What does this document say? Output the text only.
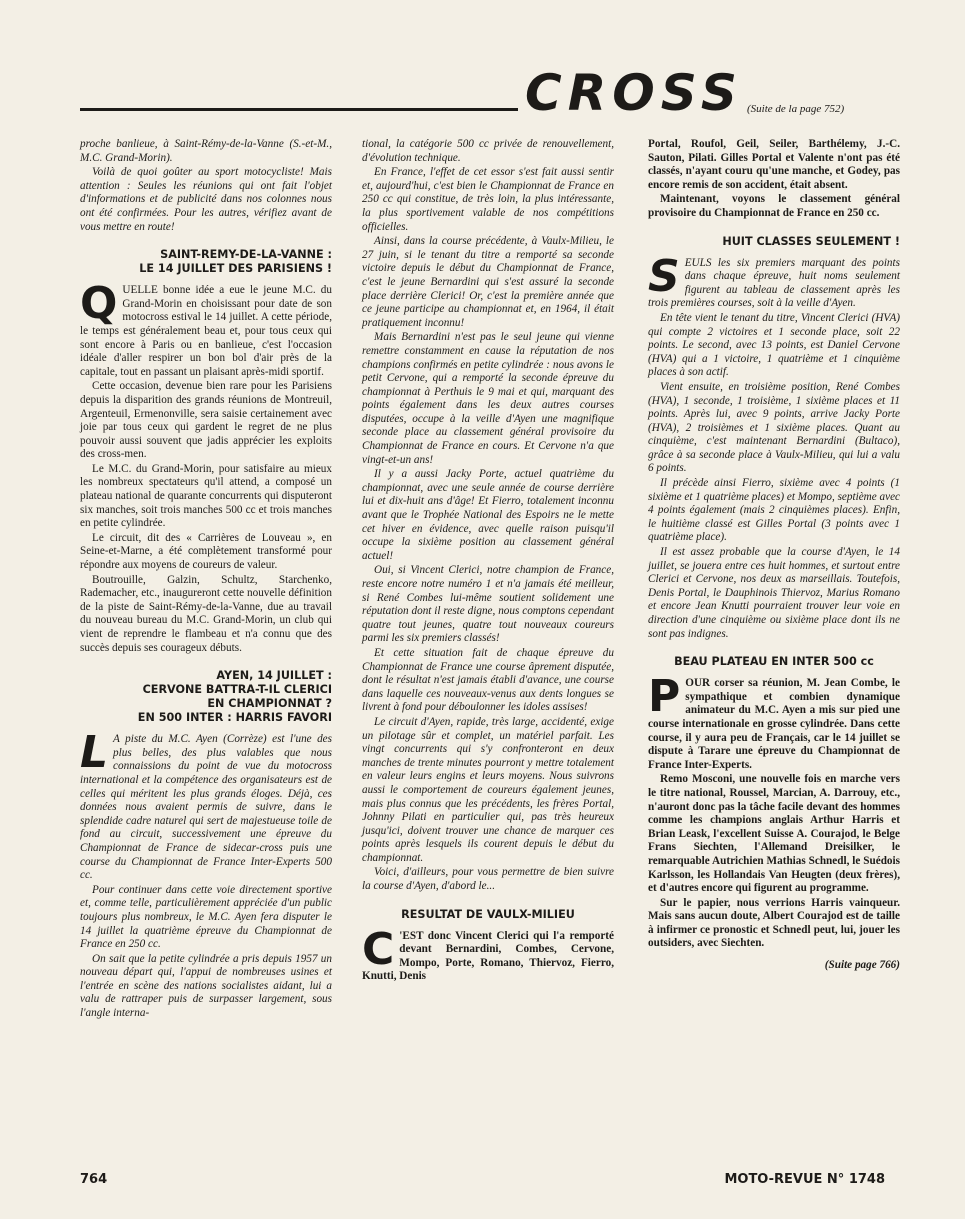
CROSS (Suite de la page 752)

proche banlieue, à Saint-Rémy-de-la-Vanne (S.-et-M., M.C. Grand-Morin).

Voilà de quoi goûter au sport motocycliste! Mais attention : Seules les réunions qui ont fait l'objet d'informations et de publicité dans nos colonnes nous ont été confirmées. Pour les autres, vérifiez avant de vous mettre en route!

SAINT-REMY-DE-LA-VANNE :
LE 14 JUILLET DES PARISIENS !

QUELLE bonne idée a eue le jeune M.C. du Grand-Morin en choisissant pour date de son motocross estival le 14 juillet. A cette période, le temps est généralement beau et, pour tous ceux qui sont encore à Paris ou en banlieue, c'est l'occasion idéale d'aller respirer un bon bol d'air près de la capitale, tout en passant un plaisant après-midi sportif.

Cette occasion, devenue bien rare pour les Parisiens depuis la disparition des grands réunions de Montreuil, Argenteuil, Ermenonville, sera saisie certainement avec joie par tous ceux qui gardent le regret de ne plus pouvoir aussi souvent que jadis apprécier les exploits des cross-men.

Le M.C. du Grand-Morin, pour satisfaire au mieux les nombreux spectateurs qu'il attend, a composé un plateau national de quarante concurrents qui disputeront six manches, soit trois manches 500 cc et trois manches en petite cylindrée.

Le circuit, dit des « Carrières de Louveau », en Seine-et-Marne, a été complètement transformé pour répondre aux moyens de coureurs de valeur.

Boutrouille, Galzin, Schultz, Starchenko, Rademacher, etc., inaugureront cette nouvelle définition de la piste de Saint-Rémy-de-la-Vanne, due au travail du nouveau bureau du M.C. Grand-Morin, un club qui vient de reprendre le flambeau et n'a connu que des succès depuis ses courageux débuts.

AYEN, 14 JUILLET :
CERVONE BATTRA-T-IL CLERICI
EN CHAMPIONNAT ?
EN 500 INTER : HARRIS FAVORI

L A piste du M.C. Ayen (Corrèze) est l'une des plus belles, des plus valables que nous connaissions du point de vue du motocross international et la compétence des organisateurs est de celles qui méritent les plus grands éloges. Déjà, ces données nous avaient permis de suivre, dans le splendide cadre naturel qui sert de majestueuse toile de fond au circuit, successivement une épreuve du Championnat de France de sidecar-cross puis une course du Championnat de France Inter-Experts 500 cc.

Pour continuer dans cette voie directement sportive et, comme telle, particulièrement appréciée d'un public toujours plus nombreux, le M.C. Ayen fera disputer le 14 juillet la quatrième épreuve du Championnat de France en 250 cc.

On sait que la petite cylindrée a pris depuis 1957 un nouveau départ qui, l'appui de nombreuses usines et l'entrée en scène des nations socialistes aidant, lui a valu de rattraper puis de surpasser largement, sous l'angle interna-

tional, la catégorie 500 cc privée de renouvellement, d'évolution technique.

En France, l'effet de cet essor s'est fait aussi sentir et, aujourd'hui, c'est bien le Championnat de France en 250 cc qui constitue, de très loin, la plus intéressante, la plus sportivement valable de nos compétitions officielles.

Ainsi, dans la course précédente, à Vaulx-Milieu, le 27 juin, si le tenant du titre a remporté sa seconde victoire depuis le début du Championnat de France, c'est le jeune Bernardini qui s'est assuré la seconde place derrière Clerici! Or, c'est la première année que ce jeune participe au championnat et, en 1964, il était pratiquement inconnu!

Mais Bernardini n'est pas le seul jeune qui vienne remettre constamment en cause la réputation de nos champions confirmés en petite cylindrée : nous avons le petit Cervone, qui a remporté la seconde épreuve du championnat à Perthuis le 9 mai et qui, marquant des points également dans les deux autres courses disputées, occupe à la veille d'Ayen une magnifique seconde place au classement général provisoire du Championnat de France en cours. Et Cervone n'a que vingt-et-un ans!

Il y a aussi Jacky Porte, actuel quatrième du championnat, avec une seule année de course derrière lui et dix-huit ans d'âge! Et Fierro, totalement inconnu avant que le Trophée National des Espoirs ne le mette cet hiver en évidence, avec quelle raison puisqu'il occupe la sixième position au classement général actuel!

Oui, si Vincent Clerici, notre champion de France, reste encore notre numéro 1 et n'a jamais été meilleur, si René Combes lui-même soutient solidement une réputation dont il reste digne, nous comptons cependant quatre tout jeunes, quatre tout nouveaux coureurs parmi les six premiers classés!

Et cette situation fait de chaque épreuve du Championnat de France une course âprement disputée, dont le résultat n'est jamais établi d'avance, une course dans laquelle ces nouveaux-venus aux dents longues se livrent à fond pour déboulonner les idoles assises!

Le circuit d'Ayen, rapide, très large, accidenté, exige un pilotage sûr et complet, un matériel parfait. Les vingt concurrents qui s'y confronteront en deux manches de trente minutes pourront y mettre totalement en valeur leurs engins et leurs moyens. Nous suivrons aussi le comportement de coureurs également jeunes, mais plus connus que les précédents, les frères Portal, Johnny Pilati en particulier qui, pas très heureux jusqu'ici, doivent trouver une chance de marquer ces points après lesquels ils courent depuis le début du championnat.

Voici, d'ailleurs, pour vous permettre de bien suivre la course d'Ayen, d'abord le...

RESULTAT DE VAULX-MILIEU

C 'EST donc Vincent Clerici qui l'a remporté devant Bernardini, Combes, Cervone, Mompo, Porte, Romano, Thiervoz, Fierro, Knutti, Denis

Portal, Roufol, Geil, Seiler, Barthélemy, J.-C. Sauton, Pilati. Gilles Portal et Valente n'ont pas été classés, n'ayant couru qu'une manche, et Godey, pas encore remis de son accident, était absent.

Maintenant, voyons le classement général provisoire du Championnat de France en 250 cc.

HUIT CLASSES SEULEMENT !

SEULS les six premiers marquant des points dans chaque épreuve, huit noms seulement figurent au tableau de classement après les trois premières courses, soit à la veille d'Ayen.

En tête vient le tenant du titre, Vincent Clerici (HVA) qui compte 2 victoires et 1 seconde place, soit 22 points. Le second, avec 13 points, est Daniel Cervone (HVA) qui a 1 victoire, 1 quatrième et 1 cinquième places à son actif.

Vient ensuite, en troisième position, René Combes (HVA), 1 seconde, 1 troisième, 1 sixième places et 11 points. Après lui, avec 9 points, arrive Jacky Porte (HVA), 2 troisièmes et 1 sixième places. Quant au cinquième, c'est maintenant Bernardini (Bultaco), grâce à sa seconde place à Vaulx-Milieu, qui lui a valu 6 points.

Il précède ainsi Fierro, sixième avec 4 points (1 sixième et 1 quatrième places) et Mompo, septième avec 4 points également (mais 2 cinquièmes places). Enfin, le huitième classé est Gilles Portal (3 points avec 1 quatrième place).

Il est assez probable que la course d'Ayen, le 14 juillet, se jouera entre ces huit hommes, et surtout entre Clerici et Cervone, nos deux as marseillais. Toutefois, Denis Portal, le Dauphinois Thiervoz, Marius Romano et encore Jean Knutti pourraient trouver leur voie en direction d'une cinquième ou sixième place dont ils ne sont pas indignes.

BEAU PLATEAU EN INTER 500 cc

POUR corser sa réunion, M. Jean Combe, le sympathique et combien dynamique animateur du M.C. Ayen a mis sur pied une course internationale en grosse cylindrée. Dans cette course, il y aura peu de Français, car le 14 juillet se dispute à Tarare une épreuve du Championnat de France Inter-Experts.

Remo Mosconi, une nouvelle fois en marche vers le titre national, Roussel, Marcian, A. Darrouy, etc., n'auront donc pas la tâche facile devant des hommes comme les champions anglais Arthur Harris et Brian Leask, l'excellent Suisse A. Courajod, le Belge Frans Siechten, l'Allemand Dreisilker, le remarquable Autrichien Mathias Schnedl, le Suédois Karlsson, les Hollandais Van Heugten (deux frères), et d'autres encore qui figurent au programme.

Sur le papier, nous verrions Harris vainqueur. Mais sans aucun doute, Albert Courajod est de taille à infirmer ce pronostic et Schnedl peut, lui, jouer les outsiders, avec Siechten.

(Suite page 766)
764	MOTO-REVUE N° 1748
